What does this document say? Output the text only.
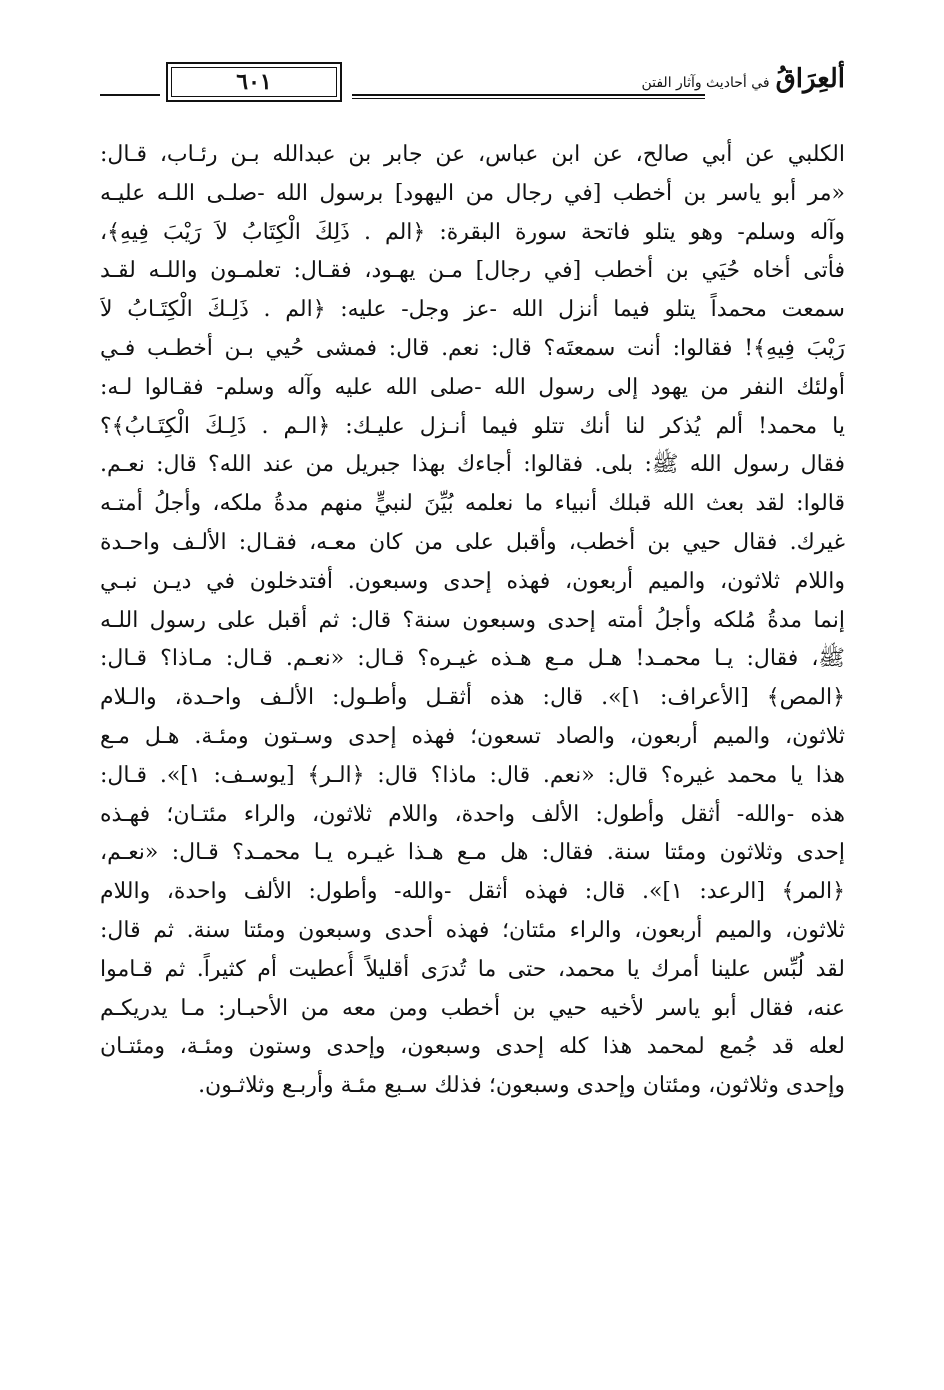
٦٠١	ألعِرَاقُ
في أحاديث وآثار الفتن
الكلبي عن أبي صالح، عن ابن عباس، عن جابر بن عبدالله بـن رئـاب، قـال:
«مر أبو ياسر بن أخطب [في رجال من اليهود] برسول الله -صلـى اللـه عليـه
وآله وسلم- وهو يتلو فاتحة سورة البقرة: ﴿الم . ذَلِكَ الْكِتَابُ لاَ رَيْبَ فِيهِ﴾،
فأتى أخاه حُيَي بن أخطب [في رجال] مـن يهـود، فقـال: تعلمـون واللـه لقـد
سمعت محمداً يتلو فيما أنزل الله -عز وجل- عليه: ﴿الم . ذَلِـكَ الْكِتَـابُ لاَ
رَيْبَ فِيهِ﴾! فقالوا: أنت سمعتَه؟ قال: نعم. قال: فمشى حُيي بـن أخطـب فـي
أولئك النفر من يهود إلى رسول الله -صلى الله عليه وآله وسلم- فقـالوا لـه:
يا محمد! ألم يُذكر لنا أنك تتلو فيما أنـزل عليـك: ﴿الـم . ذَلِـكَ الْكِتَـابُ﴾؟
فقال رسول الله ﷺ: بلى. فقالوا: أجاءك بهذا جبريل من عند الله؟ قال: نعـم.
قالوا: لقد بعث الله قبلك أنبياء ما نعلمه بُيِّنَ لنبيٍّ منهم مدةُ ملكه، وأجلُ أمتـه
غيرك. فقال حيي بن أخطب، وأقبل على من كان معـه، فقـال: الألـف واحـدة
واللام ثلاثون، والميم أربعون، فهذه إحدى وسبعون. أفتدخلون في ديـن نبـي
إنما مدةُ مُلكه وأجلُ أمته إحدى وسبعون سنة؟ قال: ثم أقبل على رسول اللـه
ﷺ، فقال: يـا محمـد! هـل مـع هـذه غيـره؟ قـال: «نعـم. قـال: مـاذا؟ قـال:
﴿المص﴾ [الأعراف: ١]». قال: هذه أثقـل وأطـول: الألـف واحـدة، والـلام
ثلاثون، والميم أربعون، والصاد تسعون؛ فهذه إحدى وسـتون ومئـة. هـل مـع
هذا يا محمد غيره؟ قال: «نعم. قال: ماذا؟ قال: ﴿الـر﴾ [يوسـف: ١]». قـال:
هذه -والله- أثقل وأطول: الألف واحدة، واللام ثلاثون، والراء مئتـان؛ فهـذه
إحدى وثلاثون ومئتا سنة. فقال: هل مـع هـذا غيـره يـا محمـد؟ قـال: «نعـم،
﴿المر﴾ [الرعد: ١]». قال: فهذه أثقل -والله- وأطول: الألف واحدة، واللام
ثلاثون، والميم أربعون، والراء مئتان؛ فهذه أحدى وسبعون ومئتا سنة. ثم قال:
لقد لُبِّس علينا أمرك يا محمد، حتى ما تُدرَى أقليلاً أُعطيت أم كثيراً. ثم قـاموا
عنه، فقال أبو ياسر لأخيه حيي بن أخطب ومن معه من الأحبـار: مـا يدريكـم
لعله قد جُمع لمحمد هذا كله إحدى وسبعون، وإحدى وستون ومئـة، ومئتـان
وإحدى وثلاثون، ومئتان وإحدى وسبعون؛ فذلك سـبع مئـة وأربـع وثلاثـون.
